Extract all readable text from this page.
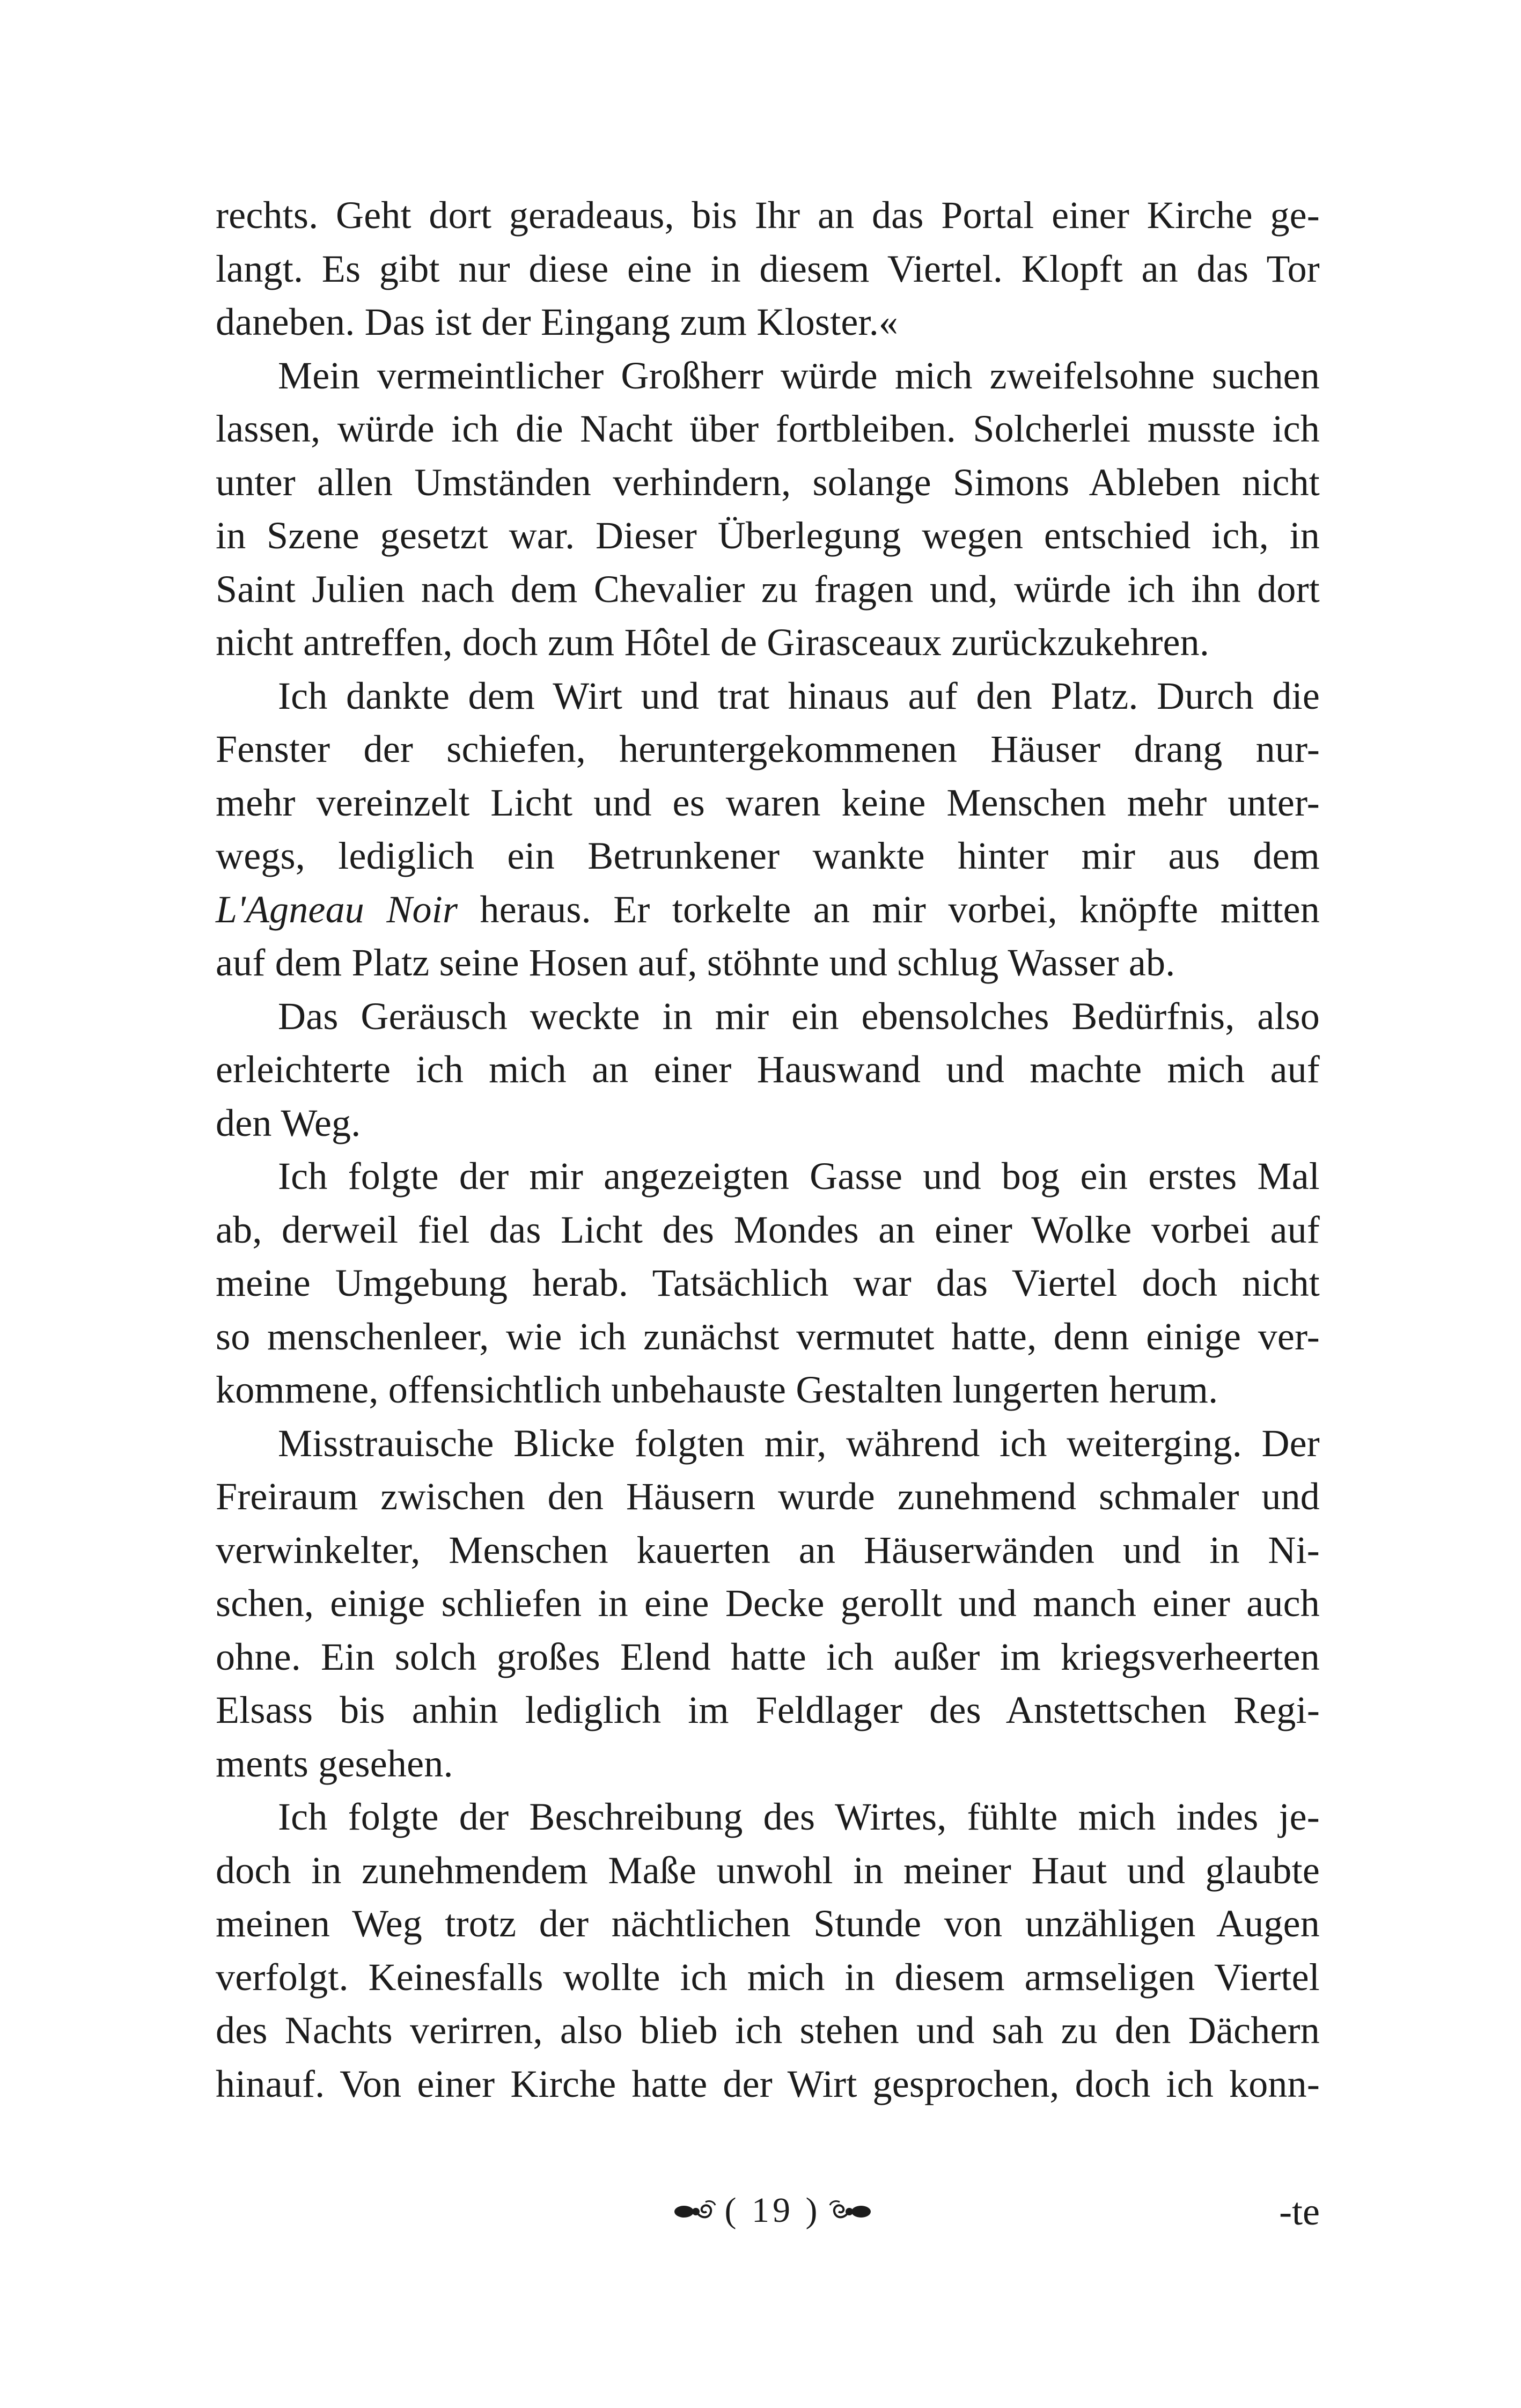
rechts. Geht dort geradeaus, bis Ihr an das Portal einer Kirche ge-
langt. Es gibt nur diese eine in diesem Viertel. Klopft an das Tor
daneben. Das ist der Eingang zum Kloster.«
Mein vermeintlicher Großherr würde mich zweifelsohne suchen
lassen, würde ich die Nacht über fortbleiben. Solcherlei musste ich
unter allen Umständen verhindern, solange Simons Ableben nicht
in Szene gesetzt war. Dieser Überlegung wegen entschied ich, in
Saint Julien nach dem Chevalier zu fragen und, würde ich ihn dort
nicht antreffen, doch zum Hôtel de Girasceaux zurückzukehren.
Ich dankte dem Wirt und trat hinaus auf den Platz. Durch die
Fenster der schiefen, heruntergekommenen Häuser drang nur-
mehr vereinzelt Licht und es waren keine Menschen mehr unter-
wegs, lediglich ein Betrunkener wankte hinter mir aus dem
L'Agneau Noir heraus. Er torkelte an mir vorbei, knöpfte mitten
auf dem Platz seine Hosen auf, stöhnte und schlug Wasser ab.
Das Geräusch weckte in mir ein ebensolches Bedürfnis, also
erleichterte ich mich an einer Hauswand und machte mich auf
den Weg.
Ich folgte der mir angezeigten Gasse und bog ein erstes Mal
ab, derweil fiel das Licht des Mondes an einer Wolke vorbei auf
meine Umgebung herab. Tatsächlich war das Viertel doch nicht
so menschenleer, wie ich zunächst vermutet hatte, denn einige ver-
kommene, offensichtlich unbehauste Gestalten lungerten herum.
Misstrauische Blicke folgten mir, während ich weiterging. Der
Freiraum zwischen den Häusern wurde zunehmend schmaler und
verwinkelter, Menschen kauerten an Häuserwänden und in Ni-
schen, einige schliefen in eine Decke gerollt und manch einer auch
ohne. Ein solch großes Elend hatte ich außer im kriegsverheerten
Elsass bis anhin lediglich im Feldlager des Anstettschen Regi-
ments gesehen.
Ich folgte der Beschreibung des Wirtes, fühlte mich indes je-
doch in zunehmendem Maße unwohl in meiner Haut und glaubte
meinen Weg trotz der nächtlichen Stunde von unzähligen Augen
verfolgt. Keinesfalls wollte ich mich in diesem armseligen Viertel
des Nachts verirren, also blieb ich stehen und sah zu den Dächern
hinauf. Von einer Kirche hatte der Wirt gesprochen, doch ich konn-
( 19 )	-te
